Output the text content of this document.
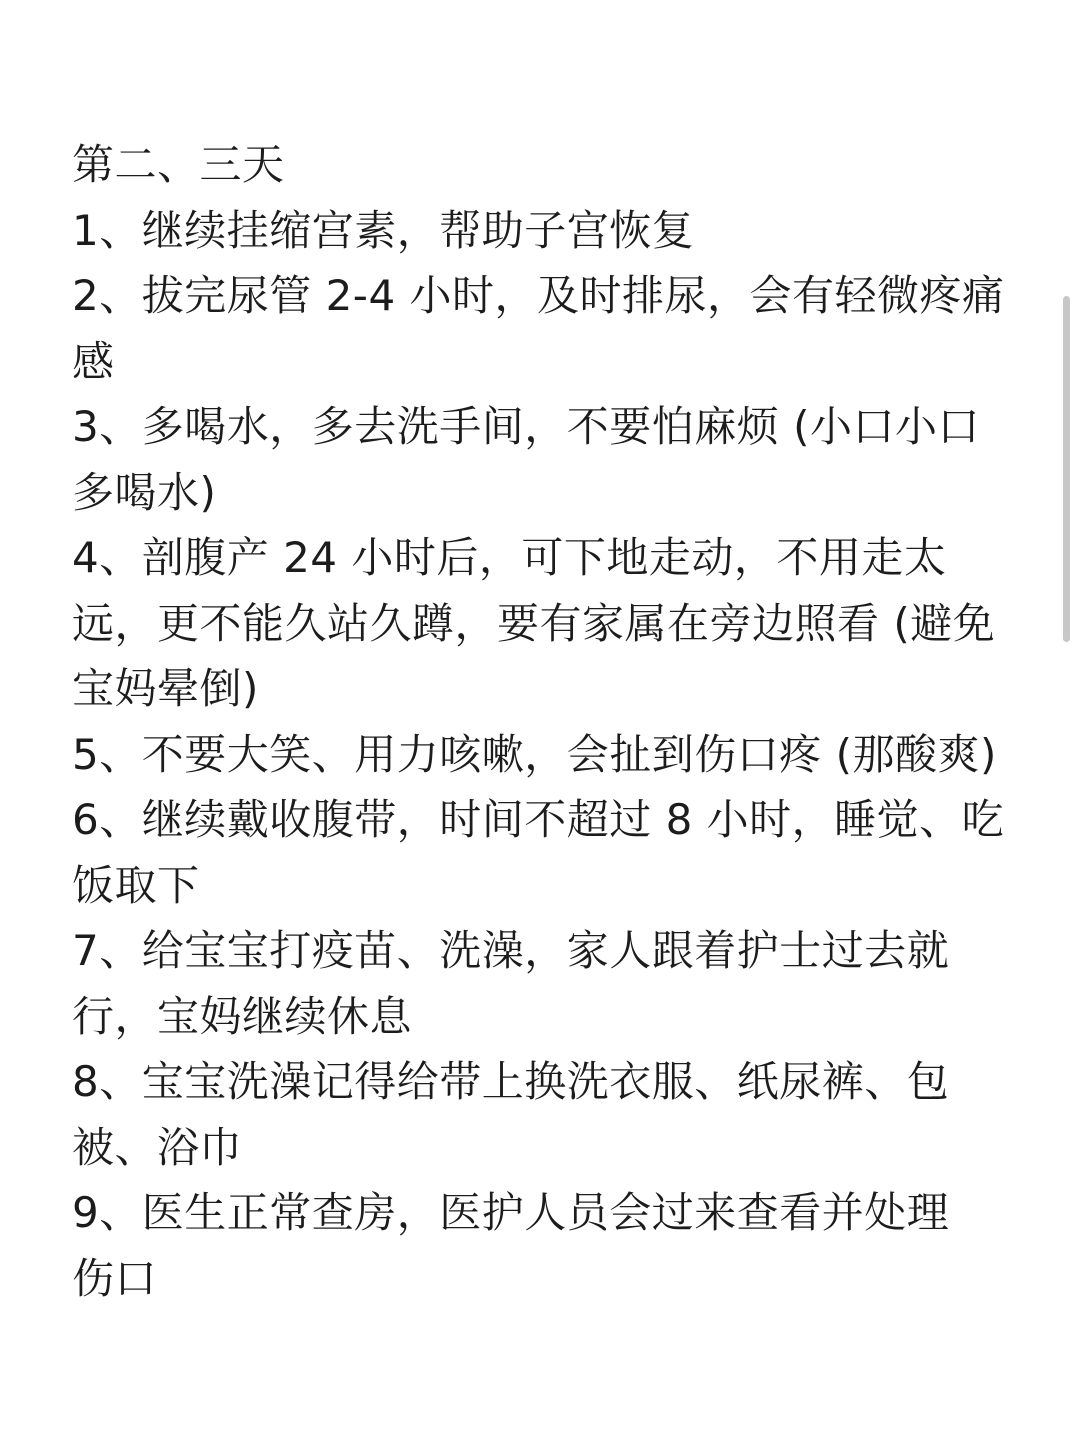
第二、三天
1、继续挂缩宫素，帮助子宫恢复
2、拔完尿管 2-4 小时，及时排尿，会有轻微疼痛
感
3、多喝水，多去洗手间，不要怕麻烦 (小口小口
多喝水)
4、剖腹产 24 小时后，可下地走动，不用走太
远，更不能久站久蹲，要有家属在旁边照看 (避免
宝妈晕倒)
5、不要大笑、用力咳嗽，会扯到伤口疼 (那酸爽)
6、继续戴收腹带，时间不超过 8 小时，睡觉、吃
饭取下
7、给宝宝打疫苗、洗澡，家人跟着护士过去就
行，宝妈继续休息
8、宝宝洗澡记得给带上换洗衣服、纸尿裤、包
被、浴巾
9、医生正常查房，医护人员会过来查看并处理
伤口
